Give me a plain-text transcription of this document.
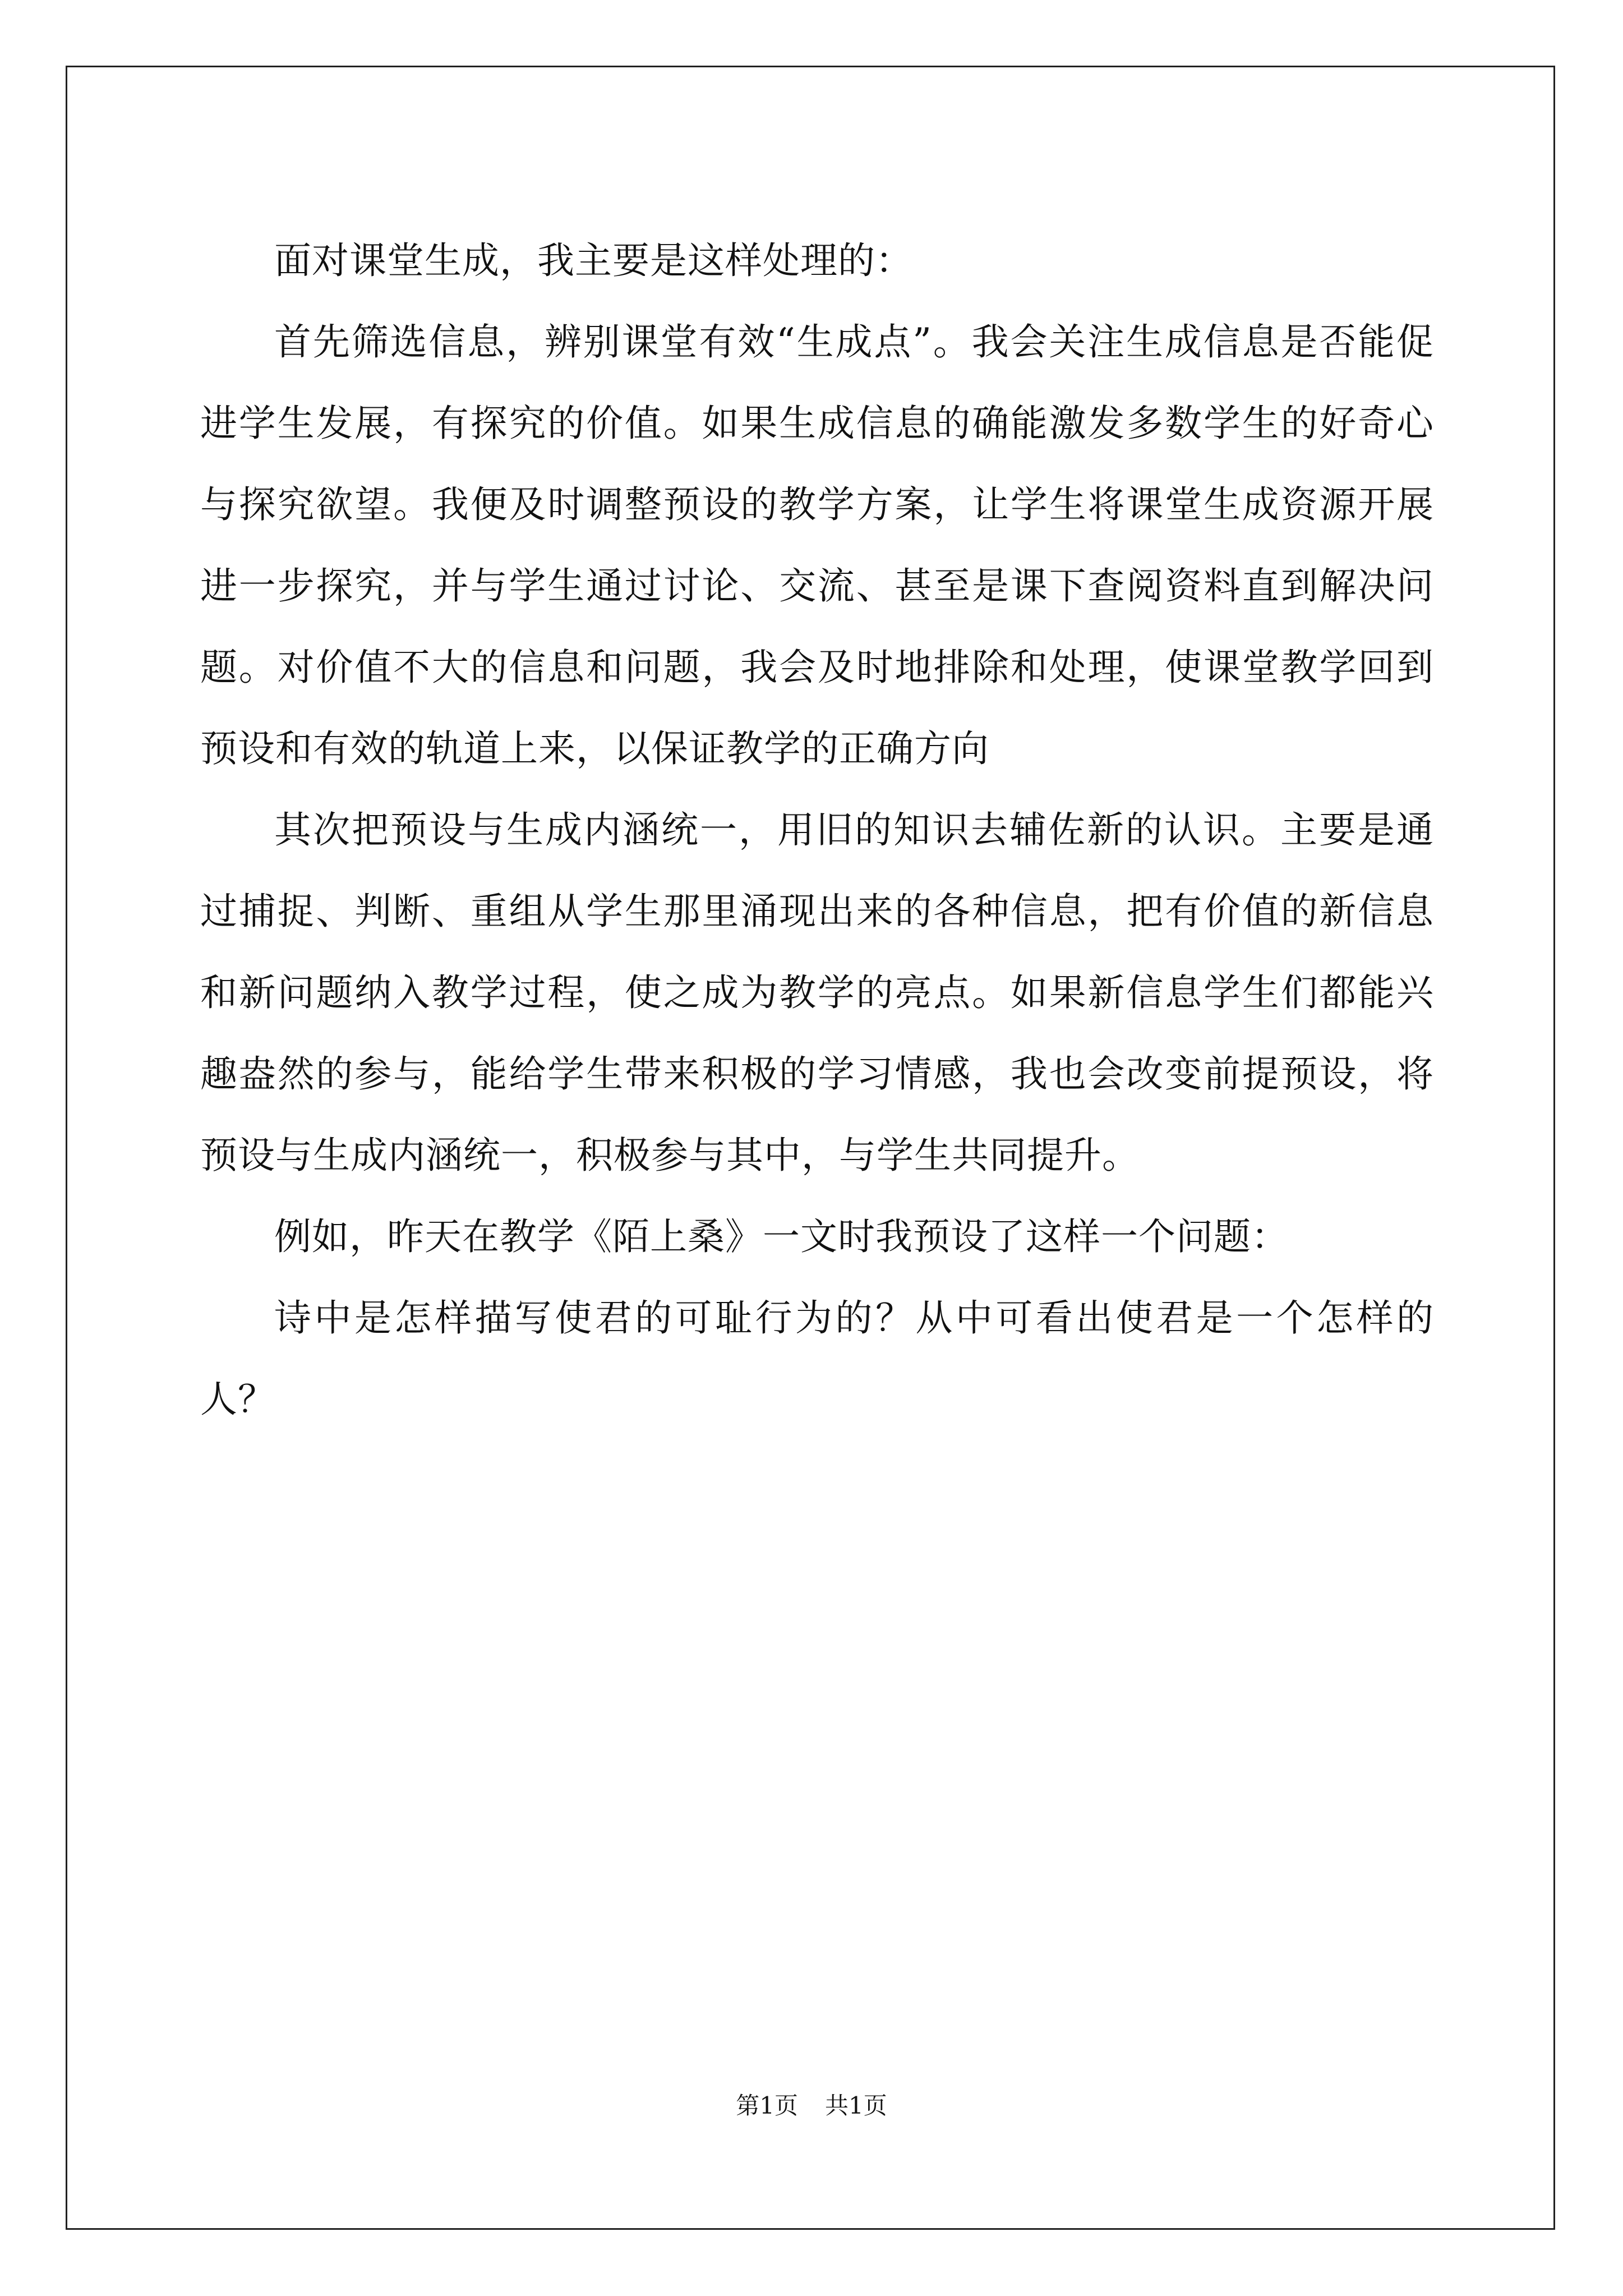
面对课堂生成，我主要是这样处理的：

首先筛选信息，辨别课堂有效“生成点”。我会关注生成信息是否能促进学生发展，有探究的价值。如果生成信息的确能激发多数学生的好奇心与探究欲望。我便及时调整预设的教学方案，让学生将课堂生成资源开展进一步探究，并与学生通过讨论、交流、甚至是课下查阅资料直到解决问题。对价值不大的信息和问题，我会及时地排除和处理，使课堂教学回到预设和有效的轨道上来，以保证教学的正确方向

其次把预设与生成内涵统一，用旧的知识去辅佐新的认识。主要是通过捕捉、判断、重组从学生那里涌现出来的各种信息，把有价值的新信息和新问题纳入教学过程，使之成为教学的亮点。如果新信息学生们都能兴趣盎然的参与，能给学生带来积极的学习情感，我也会改变前提预设，将预设与生成内涵统一，积极参与其中，与学生共同提升。

例如，昨天在教学《陌上桑》一文时我预设了这样一个问题：

诗中是怎样描写使君的可耻行为的？从中可看出使君是一个怎样的人？

第1页 共1页
